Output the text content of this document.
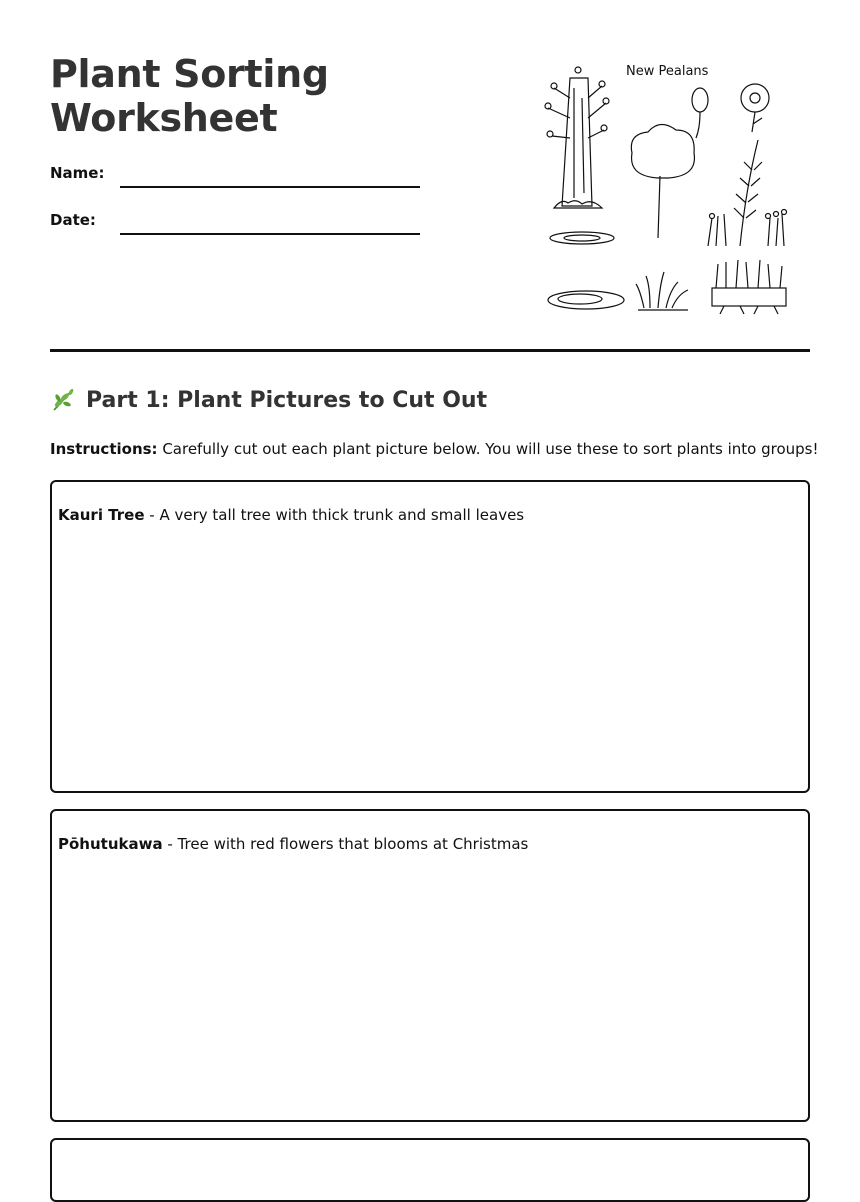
Plant Sorting
Worksheet
Name:
Date:
New Pealans
Part 1: Plant Pictures to Cut Out
Instructions: Carefully cut out each plant picture below. You will use these to sort plants into groups!
Kauri Tree - A very tall tree with thick trunk and small leaves
Pōhutukawa - Tree with red flowers that blooms at Christmas
